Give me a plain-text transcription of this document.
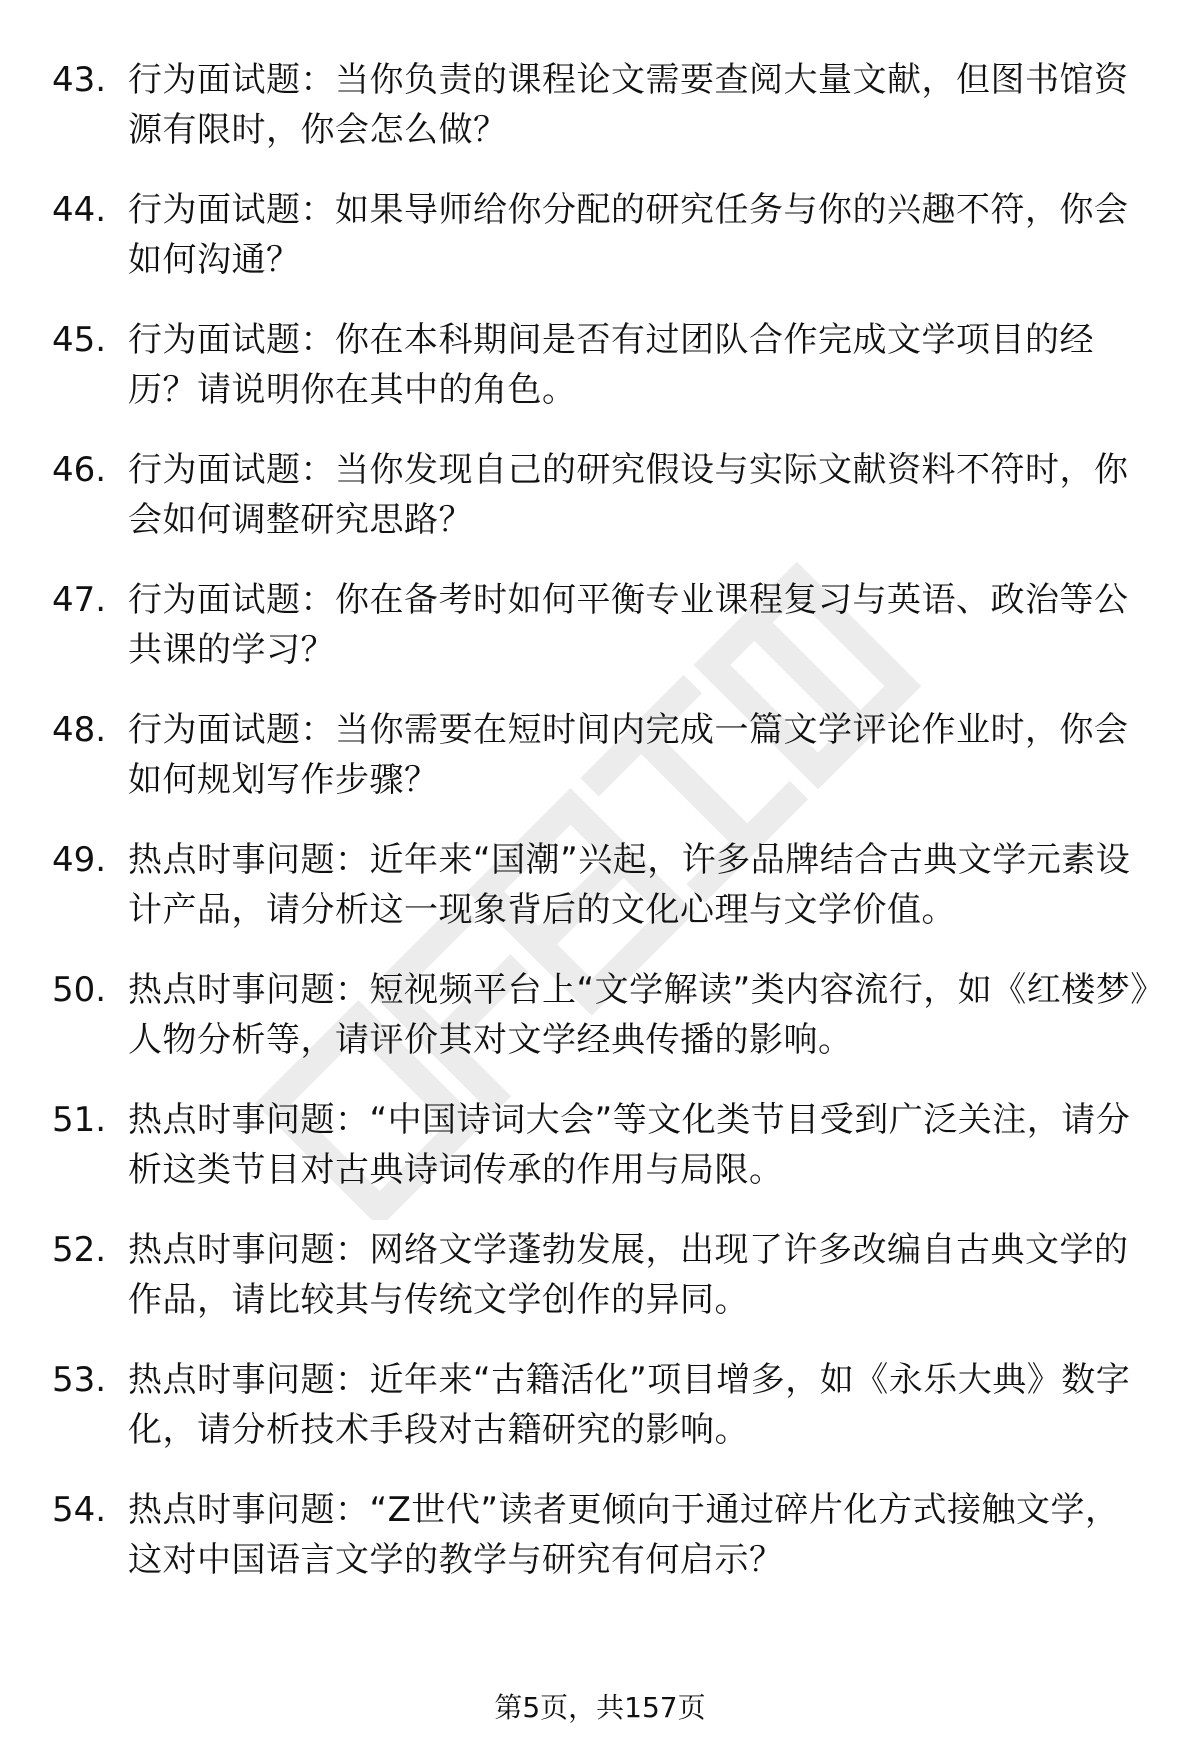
43. 行为面试题：当你负责的课程论文需要查阅大量文献，但图书馆资源有限时，你会怎么做？
44. 行为面试题：如果导师给你分配的研究任务与你的兴趣不符，你会如何沟通？
45. 行为面试题：你在本科期间是否有过团队合作完成文学项目的经历？请说明你在其中的角色。
46. 行为面试题：当你发现自己的研究假设与实际文献资料不符时，你会如何调整研究思路？
47. 行为面试题：你在备考时如何平衡专业课程复习与英语、政治等公共课的学习？
48. 行为面试题：当你需要在短时间内完成一篇文学评论作业时，你会如何规划写作步骤？
49. 热点时事问题：近年来“国潮”兴起，许多品牌结合古典文学元素设计产品，请分析这一现象背后的文化心理与文学价值。
50. 热点时事问题：短视频平台上“文学解读”类内容流行，如《红楼梦》人物分析等，请评价其对文学经典传播的影响。
51. 热点时事问题：“中国诗词大会”等文化类节目受到广泛关注，请分析这类节目对古典诗词传承的作用与局限。
52. 热点时事问题：网络文学蓬勃发展，出现了许多改编自古典文学的作品，请比较其与传统文学创作的异同。
53. 热点时事问题：近年来“古籍活化”项目增多，如《永乐大典》数字化，请分析技术手段对古籍研究的影响。
54. 热点时事问题：“Z世代”读者更倾向于通过碎片化方式接触文学，这对中国语言文学的教学与研究有何启示？
第5页，共157页
